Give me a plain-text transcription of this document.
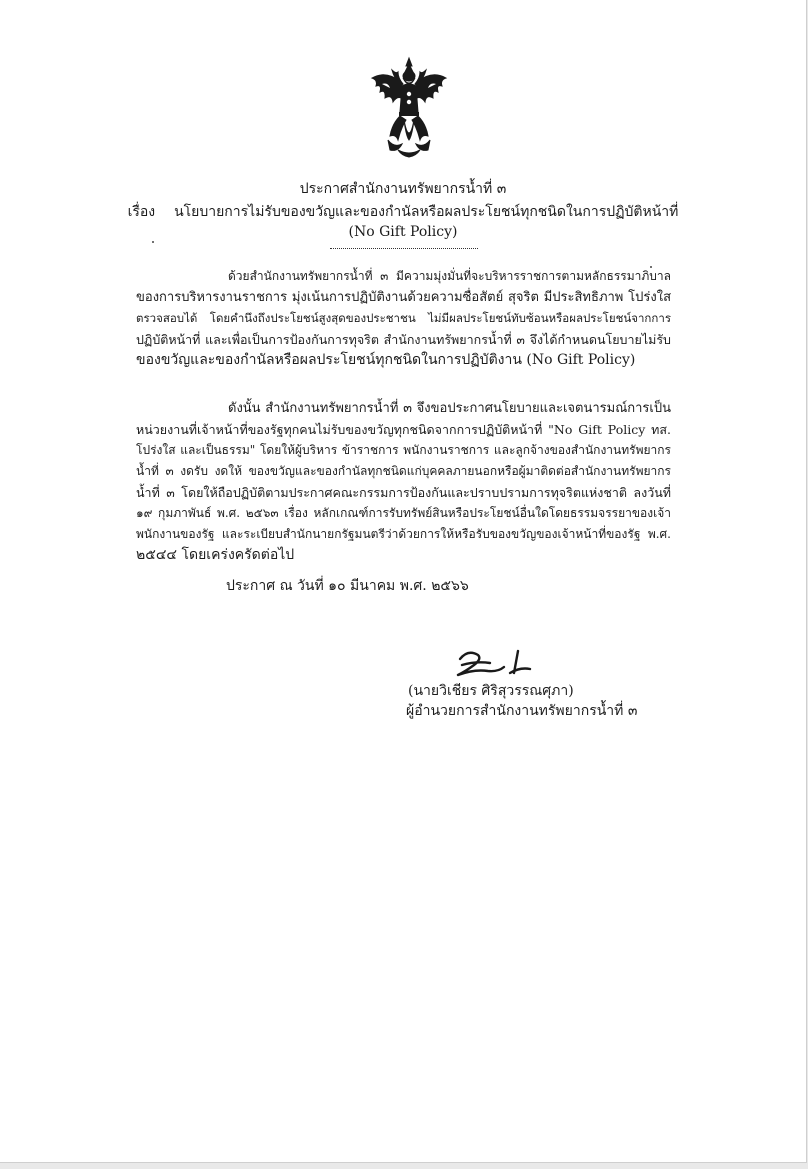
ประกาศสำนักงานทรัพยากรน้ำที่ ๓
เรื่อง นโยบายการไม่รับของขวัญและของกำนัลหรือผลประโยชน์ทุกชนิดในการปฏิบัติหน้าที่
(No Gift Policy)
ด้วยสำนักงานทรัพยากรน้ำที่ ๓ มีความมุ่งมั่นที่จะบริหารราชการตามหลักธรรมาภิบาล
ของการบริหารงานราชการ มุ่งเน้นการปฏิบัติงานด้วยความซื่อสัตย์ สุจริต มีประสิทธิภาพ โปร่งใส
ตรวจสอบได้ โดยคำนึงถึงประโยชน์สูงสุดของประชาชน ไม่มีผลประโยชน์ทับซ้อนหรือผลประโยชน์จากการ
ปฏิบัติหน้าที่ และเพื่อเป็นการป้องกันการทุจริต สำนักงานทรัพยากรน้ำที่ ๓ จึงได้กำหนดนโยบายไม่รับ
ของขวัญและของกำนัลหรือผลประโยชน์ทุกชนิดในการปฏิบัติงาน (No Gift Policy)
ดังนั้น สำนักงานทรัพยากรน้ำที่ ๓ จึงขอประกาศนโยบายและเจตนารมณ์การเป็น
หน่วยงานที่เจ้าหน้าที่ของรัฐทุกคนไม่รับของขวัญทุกชนิดจากการปฏิบัติหน้าที่ "No Gift Policy ทส.
โปร่งใส และเป็นธรรม" โดยให้ผู้บริหาร ข้าราชการ พนักงานราชการ และลูกจ้างของสำนักงานทรัพยากร
น้ำที่ ๓ งดรับ งดให้ ของขวัญและของกำนัลทุกชนิดแก่บุคคลภายนอกหรือผู้มาติดต่อสำนักงานทรัพยากร
น้ำที่ ๓ โดยให้ถือปฏิบัติตามประกาศคณะกรรมการป้องกันและปราบปรามการทุจริตแห่งชาติ ลงวันที่
๑๙ กุมภาพันธ์ พ.ศ. ๒๕๖๓ เรื่อง หลักเกณฑ์การรับทรัพย์สินหรือประโยชน์อื่นใดโดยธรรมจรรยาของเจ้า
พนักงานของรัฐ และระเบียบสำนักนายกรัฐมนตรีว่าด้วยการให้หรือรับของขวัญของเจ้าหน้าที่ของรัฐ พ.ศ.
๒๕๔๔ โดยเคร่งครัดต่อไป
ประกาศ ณ วันที่ ๑๐ มีนาคม พ.ศ. ๒๕๖๖
(นายวิเชียร ศิริสุวรรณศุภา)
ผู้อำนวยการสำนักงานทรัพยากรน้ำที่ ๓
